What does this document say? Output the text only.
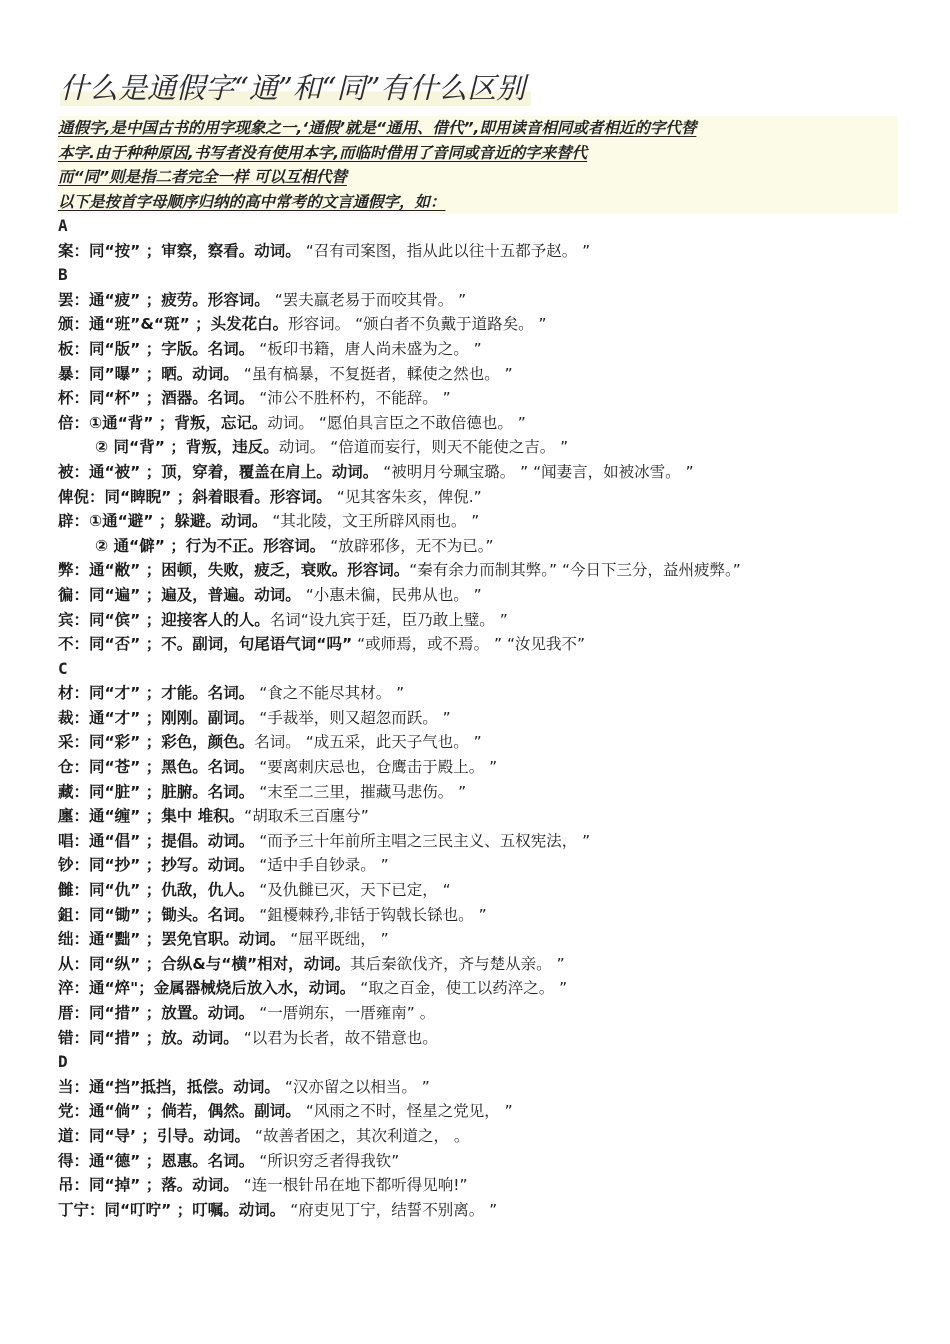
什么是通假字“通”和“同”有什么区别
通假字,是中国古书的用字现象之一,‘通假’就是“通用、借代”,即用读音相同或者相近的字代替
本字.由于种种原因,书写者没有使用本字,而临时借用了音同或音近的字来替代
而“同”则是指二者完全一样 可以互相代替
以下是按首字母顺序归纳的高中常考的文言通假字，如：
A
案：同“按” ；审察，察看。动词。 “召有司案图，指从此以往十五都予赵。 ”
B
罢：通“疲” ；疲劳。形容词。 “罢夫羸老易于而咬其骨。 ”
颁：通“班”&“斑” ；头发花白。形容词。 “颁白者不负戴于道路矣。 ”
板：同“版” ；字版。名词。 “板印书籍，唐人尚未盛为之。 ”
暴：同”曝” ；晒。动词。 “虽有槁暴，不复挺者，輮使之然也。 ”
杯：同“杯” ；酒器。名词。 “沛公不胜杯杓，不能辞。 ”
倍：①通“背” ；背叛，忘记。动词。 “愿伯具言臣之不敢倍德也。 ”
② 同“背” ；背叛，违反。动词。 “倍道而妄行，则天不能使之吉。 ”
被：通“被” ；顶，穿着，覆盖在肩上。动词。 “被明月兮珮宝璐。 ” “闻妻言，如被冰雪。 ”
俾倪：同“睥睨” ；斜着眼看。形容词。 “见其客朱亥，俾倪.”
辟：①通“避” ；躲避。动词。 “其北陵，文王所辟风雨也。 ”
② 通“僻” ；行为不正。形容词。 “放辟邪侈，无不为已。”
弊：通“敝” ；困顿，失败，疲乏，衰败。形容词。“秦有余力而制其弊。” “今日下三分，益州疲弊。”
徧：同“遍” ；遍及，普遍。动词。 “小惠未徧，民弗从也。 ”
宾：同“傧” ；迎接客人的人。名词“设九宾于廷，臣乃敢上璧。 ”
不：同“否” ；不。副词，句尾语气词“吗” “或师焉，或不焉。 ” “汝见我不”
C
材：同“才” ；才能。名词。 “食之不能尽其材。 ”
裁：通“才” ；刚刚。副词。 “手裁举，则又超忽而跃。 ”
采：同“彩” ；彩色，颜色。名词。 “成五采，此天子气也。 ”
仓：同“苍” ；黑色。名词。 “要离刺庆忌也，仓鹰击于殿上。 ”
藏：同“脏” ；脏腑。名词。 “末至二三里，摧藏马悲伤。 ”
廛：通“缠” ；集中 堆积。“胡取禾三百廛兮”
唱：通“倡” ；提倡。动词。 “而予三十年前所主唱之三民主义、五权宪法， ”
钞：同“抄” ；抄写。动词。 “适中手自钞录。 ”
雠：同“仇” ；仇敌，仇人。 “及仇雠已灭，天下已定， “
鉏：同“锄” ；锄头。名词。 “鉏櫌棘矜,非铦于钩戟长铩也。 ”
绌：通“黜” ；罢免官职。动词。 “屈平既绌， ”
从：同“纵” ；合纵&与“横”相对，动词。其后秦欲伐齐，齐与楚从亲。 ”
淬：通“焠"；金属器械烧后放入水，动词。 “取之百金，使工以药淬之。 ”
厝：同“措” ；放置。动词。 “一厝朔东，一厝雍南” 。
错：同“措” ；放。动词。 “以君为长者，故不错意也。
D
当：通“挡”抵挡，抵偿。动词。 “汉亦留之以相当。 ”
党：通“倘” ；倘若，偶然。副词。 “风雨之不时，怪星之党见， ”
道：同“导’ ；引导。动词。 “故善者困之，其次利道之， 。
得：通“德” ；恩惠。名词。 “所识穷乏者得我钦”
吊：同“掉” ；落。动词。 “连一根针吊在地下都听得见响!”
丁宁：同“叮咛” ；叮嘱。动词。 “府吏见丁宁，结誓不别离。 ”
